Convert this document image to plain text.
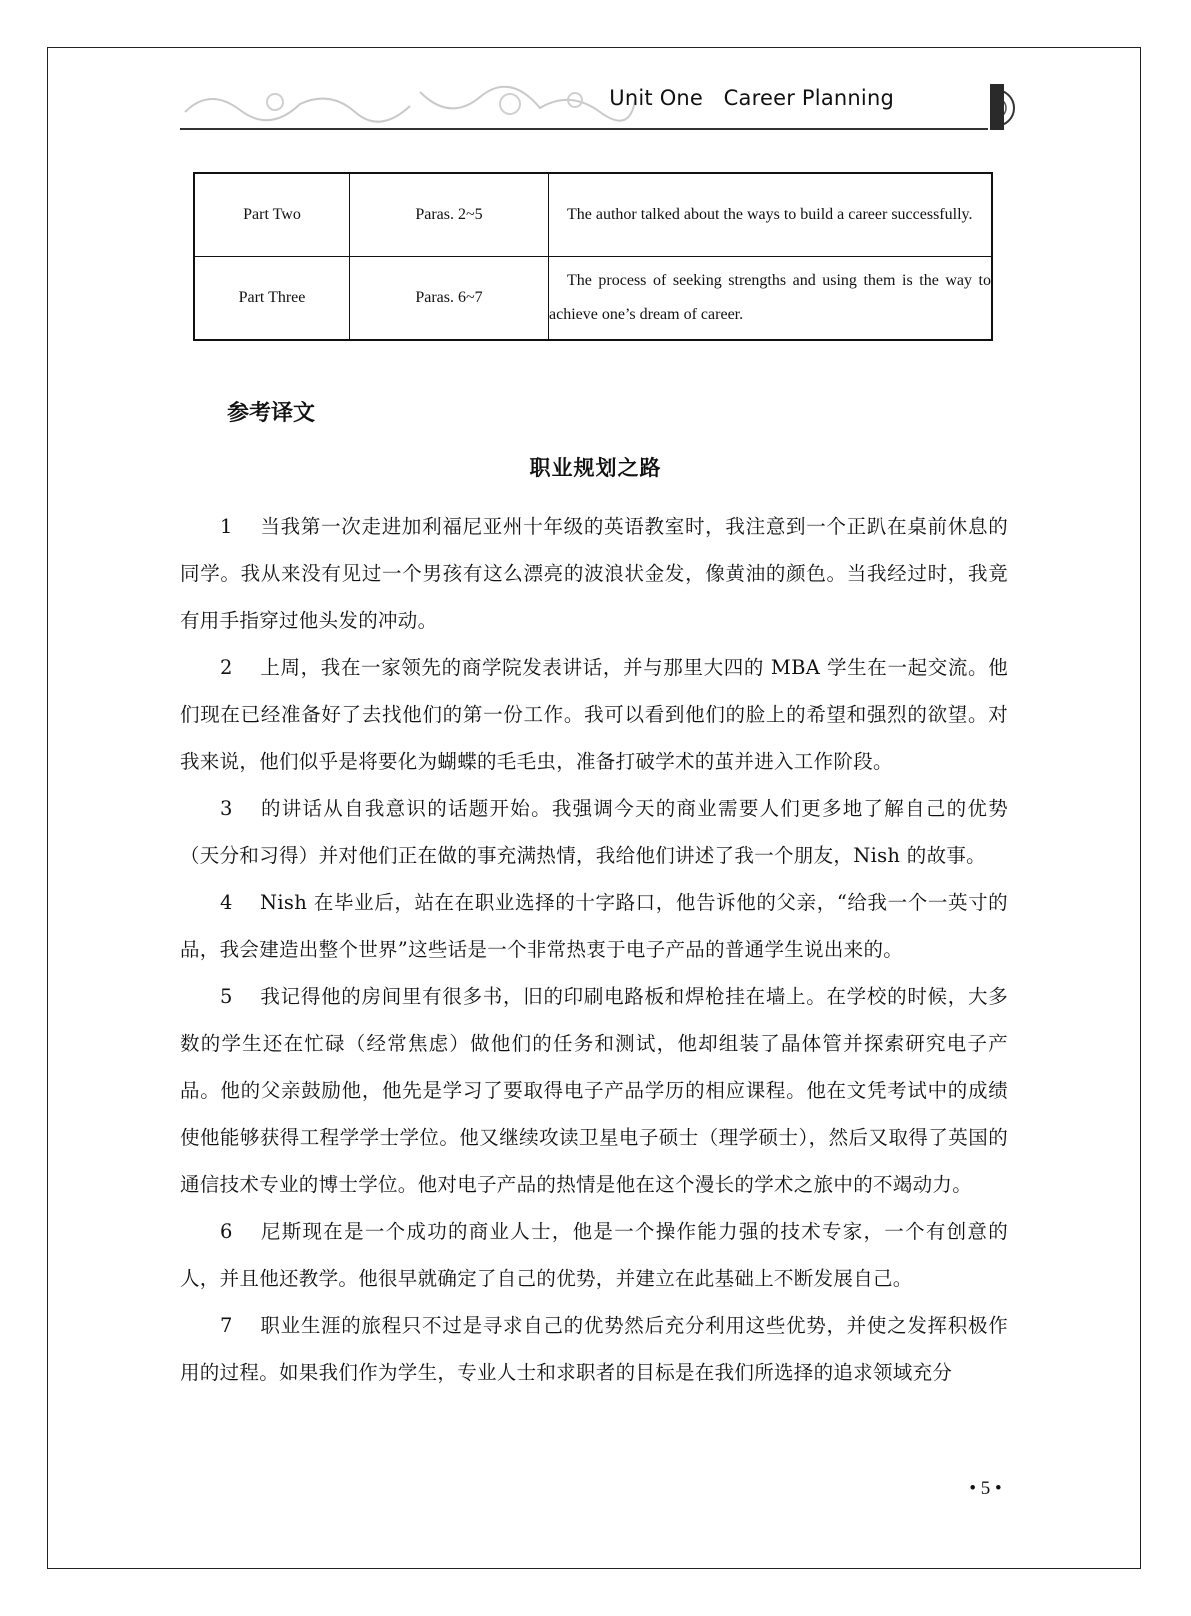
Unit One   Career Planning
Part Two	Paras. 2~5	The author talked about the ways to build a career successfully.
Part Three	Paras. 6~7	The process of seeking strengths and using them is the way to achieve one’s dream of career.
参考译文
职业规划之路

1 当我第一次走进加利福尼亚州十年级的英语教室时，我注意到一个正趴在桌前休息的同学。我从来没有见过一个男孩有这么漂亮的波浪状金发，像黄油的颜色。当我经过时，我竟有用手指穿过他头发的冲动。

2 上周，我在一家领先的商学院发表讲话，并与那里大四的 MBA 学生在一起交流。他们现在已经准备好了去找他们的第一份工作。我可以看到他们的脸上的希望和强烈的欲望。对我来说，他们似乎是将要化为蝴蝶的毛毛虫，准备打破学术的茧并进入工作阶段。

3 的讲话从自我意识的话题开始。我强调今天的商业需要人们更多地了解自己的优势（天分和习得）并对他们正在做的事充满热情，我给他们讲述了我一个朋友，Nish 的故事。

4 Nish 在毕业后，站在在职业选择的十字路口，他告诉他的父亲，“给我一个一英寸的品，我会建造出整个世界”这些话是一个非常热衷于电子产品的普通学生说出来的。

5 我记得他的房间里有很多书，旧的印刷电路板和焊枪挂在墙上。在学校的时候，大多数的学生还在忙碌（经常焦虑）做他们的任务和测试，他却组装了晶体管并探索研究电子产品。他的父亲鼓励他，他先是学习了要取得电子产品学历的相应课程。他在文凭考试中的成绩使他能够获得工程学学士学位。他又继续攻读卫星电子硕士（理学硕士），然后又取得了英国的通信技术专业的博士学位。他对电子产品的热情是他在这个漫长的学术之旅中的不竭动力。

6 尼斯现在是一个成功的商业人士，他是一个操作能力强的技术专家，一个有创意的人，并且他还教学。他很早就确定了自己的优势，并建立在此基础上不断发展自己。

7 职业生涯的旅程只不过是寻求自己的优势然后充分利用这些优势，并使之发挥积极作用的过程。如果我们作为学生，专业人士和求职者的目标是在我们所选择的追求领域充分

• 5 •
